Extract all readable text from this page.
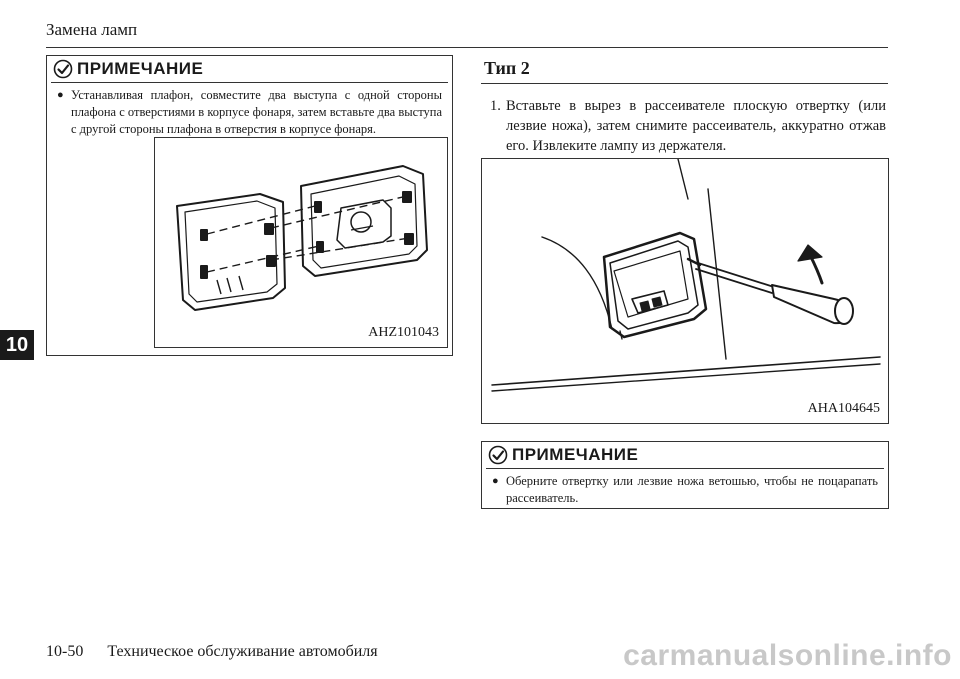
Замена ламп
10
ПРИМЕЧАНИЕ
● Устанавливая плафон, совместите два выступа с одной стороны плафона с отверстиями в корпусе фонаря, затем вставьте два выступа с другой стороны плафона в отверстия в корпусе фонаря.
AHZ101043
Тип 2
1. Вставьте в вырез в рассеивателе плоскую отвертку (или лезвие ножа), затем снимите рассеиватель, аккуратно отжав его. Извлеките лампу из держателя.
AHA104645
ПРИМЕЧАНИЕ
● Оберните отвертку или лезвие ножа ветошью, чтобы не поцарапать рассеиватель.
10-50 Техническое обслуживание автомобиля	carmanualsonline.info
